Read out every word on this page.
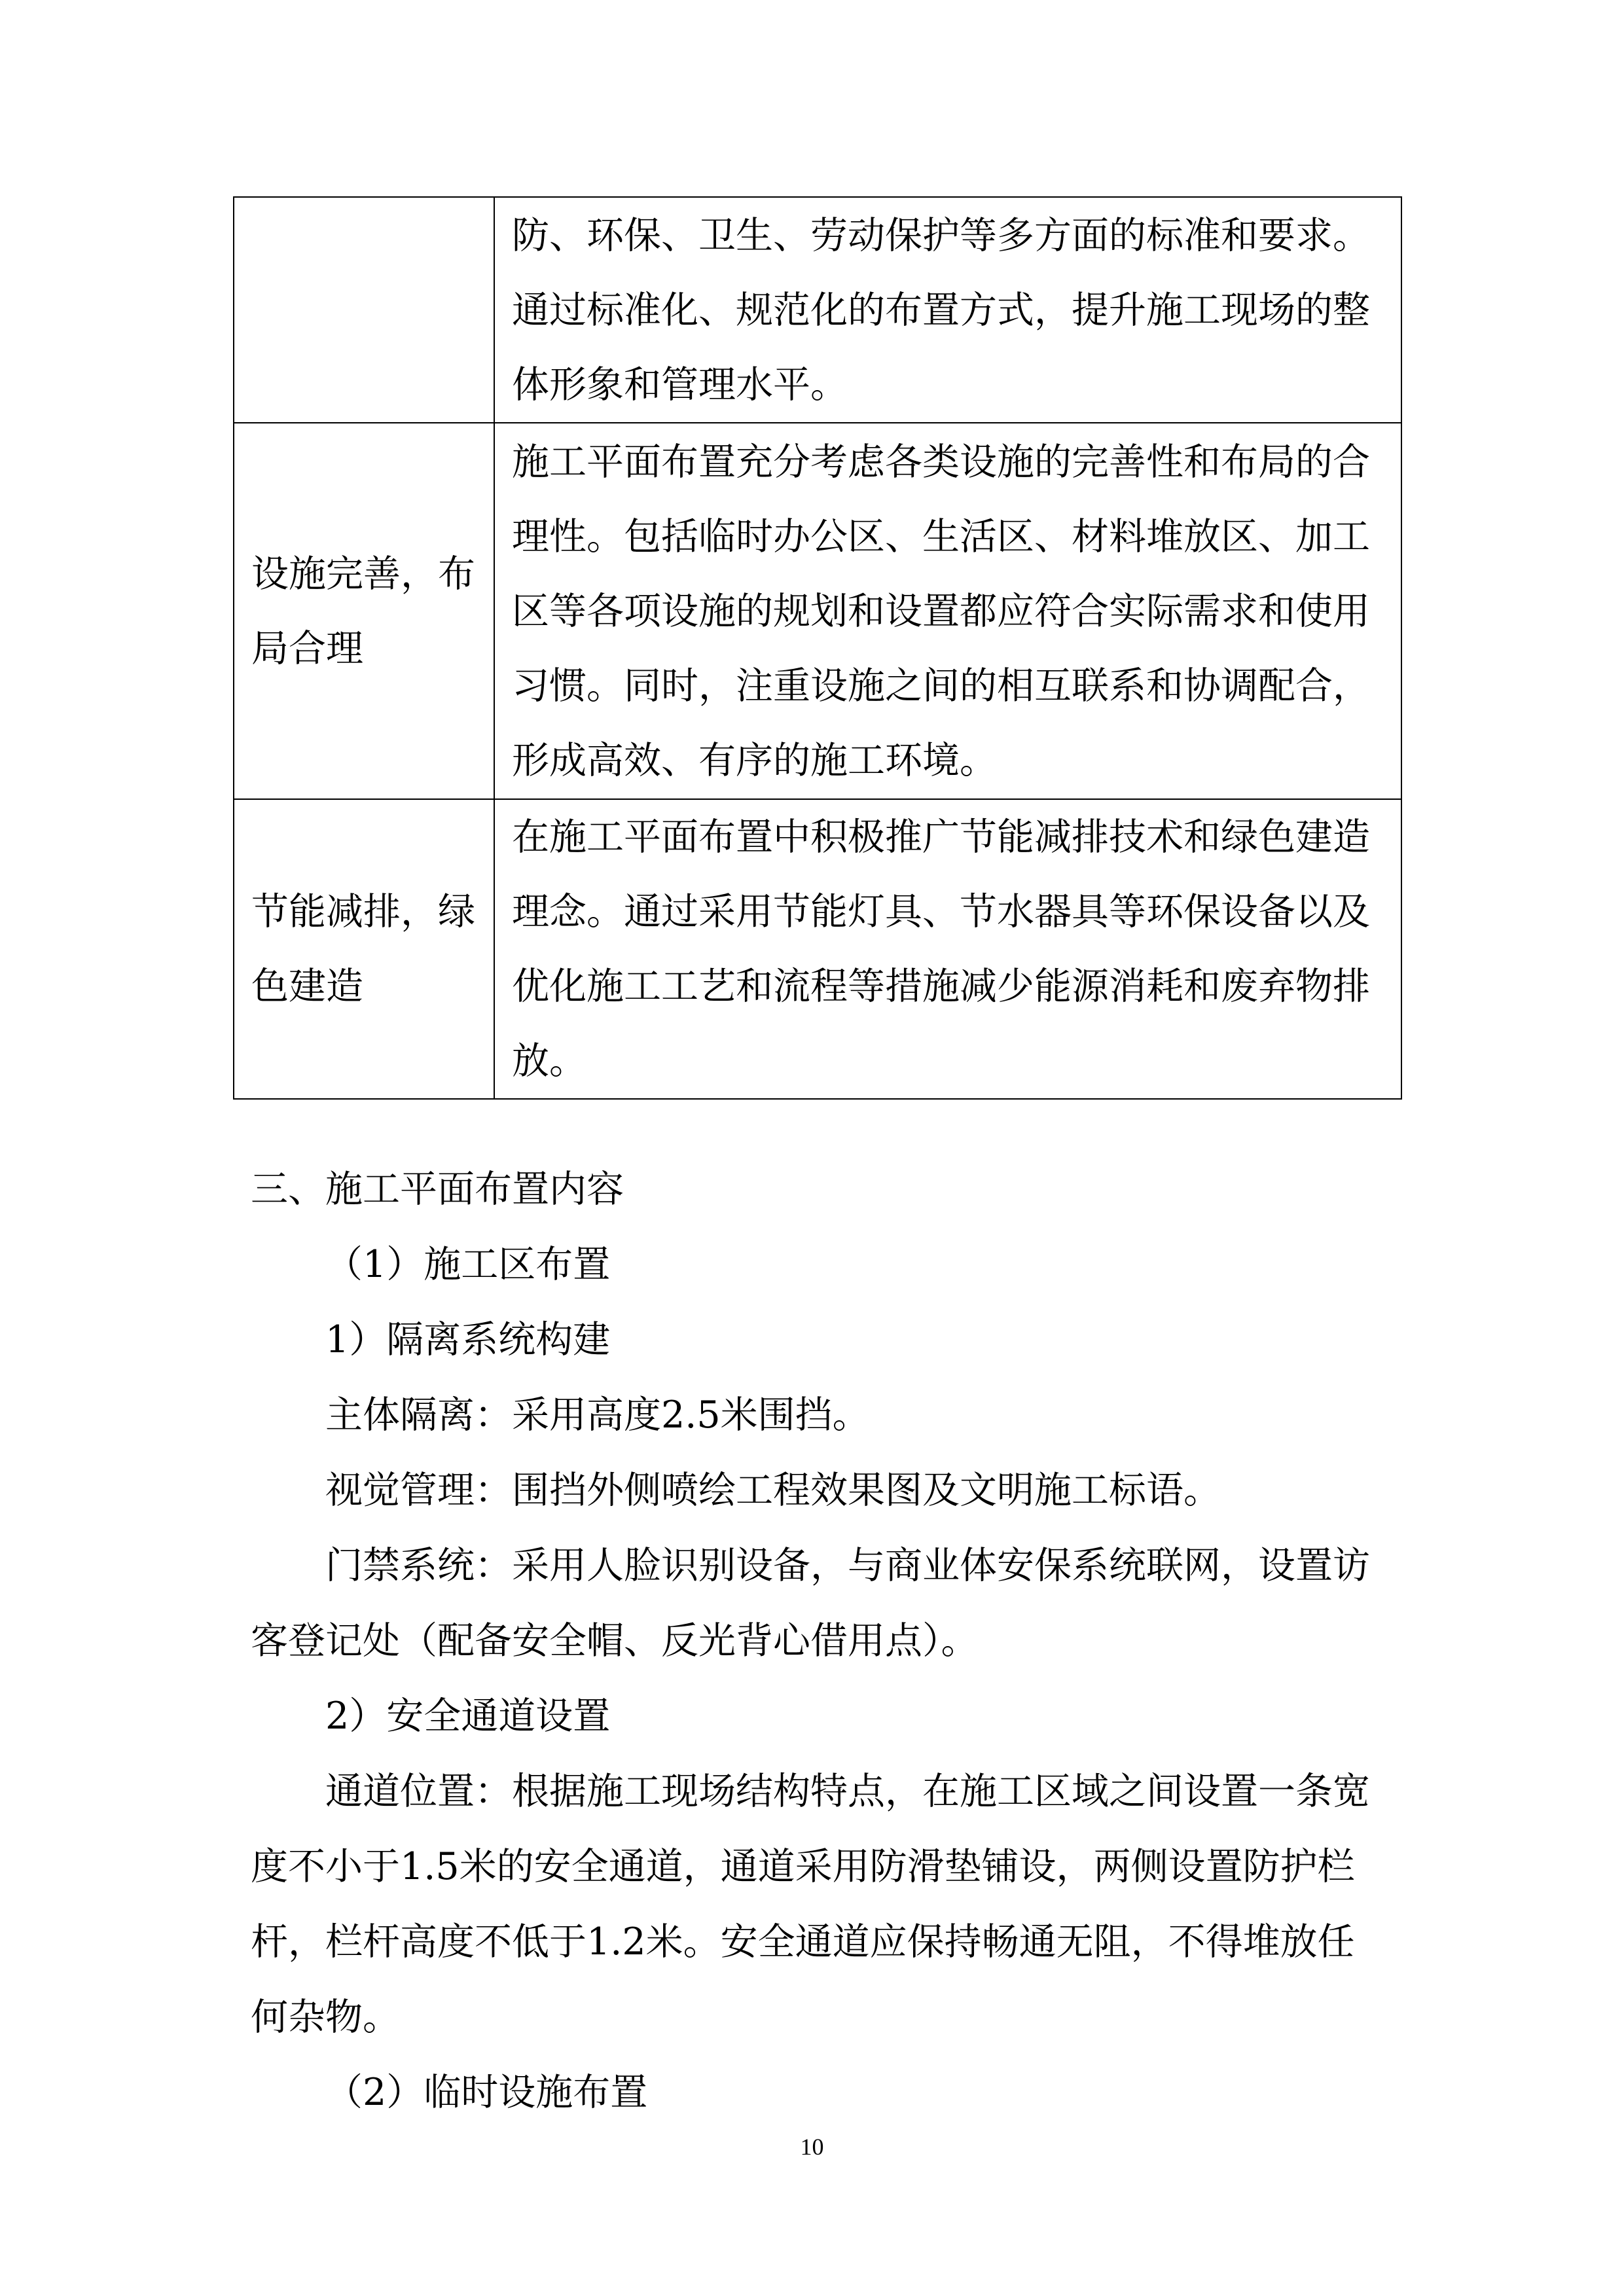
	防、环保、卫生、劳动保护等多方面的标准和要求。
通过标准化、规范化的布置方式，提升施工现场的整
体形象和管理水平。

设施完善，布
局合理	施工平面布置充分考虑各类设施的完善性和布局的合
理性。包括临时办公区、生活区、材料堆放区、加工
区等各项设施的规划和设置都应符合实际需求和使用
习惯。同时，注重设施之间的相互联系和协调配合，
形成高效、有序的施工环境。

节能减排，绿
色建造	在施工平面布置中积极推广节能减排技术和绿色建造
理念。通过采用节能灯具、节水器具等环保设备以及
优化施工工艺和流程等措施减少能源消耗和废弃物排
放。
三、施工平面布置内容
（1）施工区布置
1）隔离系统构建
主体隔离：采用高度2.5米围挡。
视觉管理：围挡外侧喷绘工程效果图及文明施工标语。
门禁系统：采用人脸识别设备，与商业体安保系统联网，设置访
客登记处（配备安全帽、反光背心借用点）。
2）安全通道设置
通道位置：根据施工现场结构特点，在施工区域之间设置一条宽
度不小于1.5米的安全通道，通道采用防滑垫铺设，两侧设置防护栏
杆，栏杆高度不低于1.2米。安全通道应保持畅通无阻，不得堆放任
何杂物。
（2）临时设施布置
10
